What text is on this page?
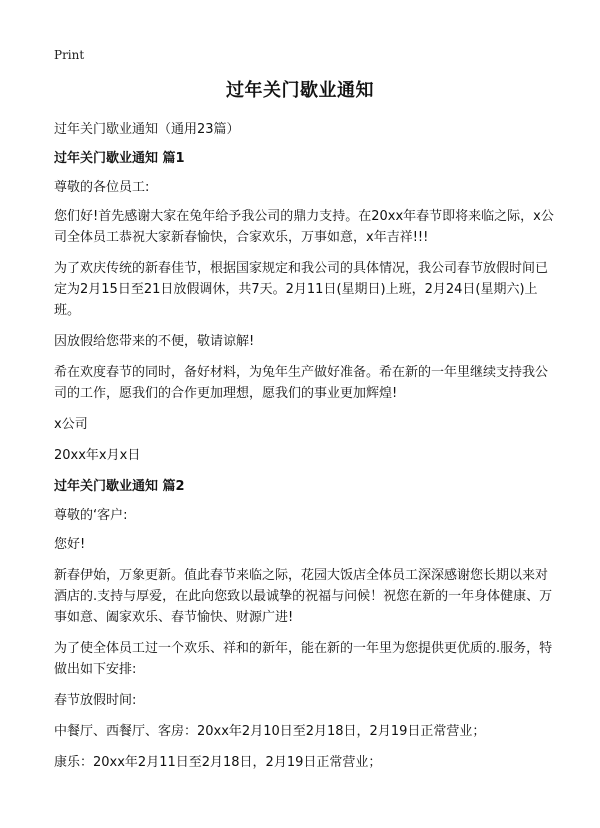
Print
过年关门歇业通知

过年关门歇业通知（通用23篇）

过年关门歇业通知 篇1

尊敬的各位员工:

您们好!首先感谢大家在兔年给予我公司的鼎力支持。在20xx年春节即将来临之际，x公司全体员工恭祝大家新春愉快，合家欢乐，万事如意，x年吉祥!!!

为了欢庆传统的新春佳节，根据国家规定和我公司的具体情况，我公司春节放假时间已定为2月15日至21日放假调休，共7天。2月11日(星期日)上班，2月24日(星期六)上班。

因放假给您带来的不便，敬请谅解!

希在欢度春节的同时，备好材料，为兔年生产做好准备。希在新的一年里继续支持我公司的工作，愿我们的合作更加理想，愿我们的事业更加辉煌!

x公司

20xx年x月x日

过年关门歇业通知 篇2

尊敬的‘客户:

您好!

新春伊始，万象更新。值此春节来临之际，花园大饭店全体员工深深感谢您长期以来对酒店的.支持与厚爱，在此向您致以最诚挚的祝福与问候！祝您在新的一年身体健康、万事如意、阖家欢乐、春节愉快、财源广进!

为了使全体员工过一个欢乐、祥和的新年，能在新的一年里为您提供更优质的.服务，特做出如下安排:

春节放假时间:

中餐厅、西餐厅、客房：20xx年2月10日至2月18日，2月19日正常营业；

康乐：20xx年2月11日至2月18日，2月19日正常营业；
